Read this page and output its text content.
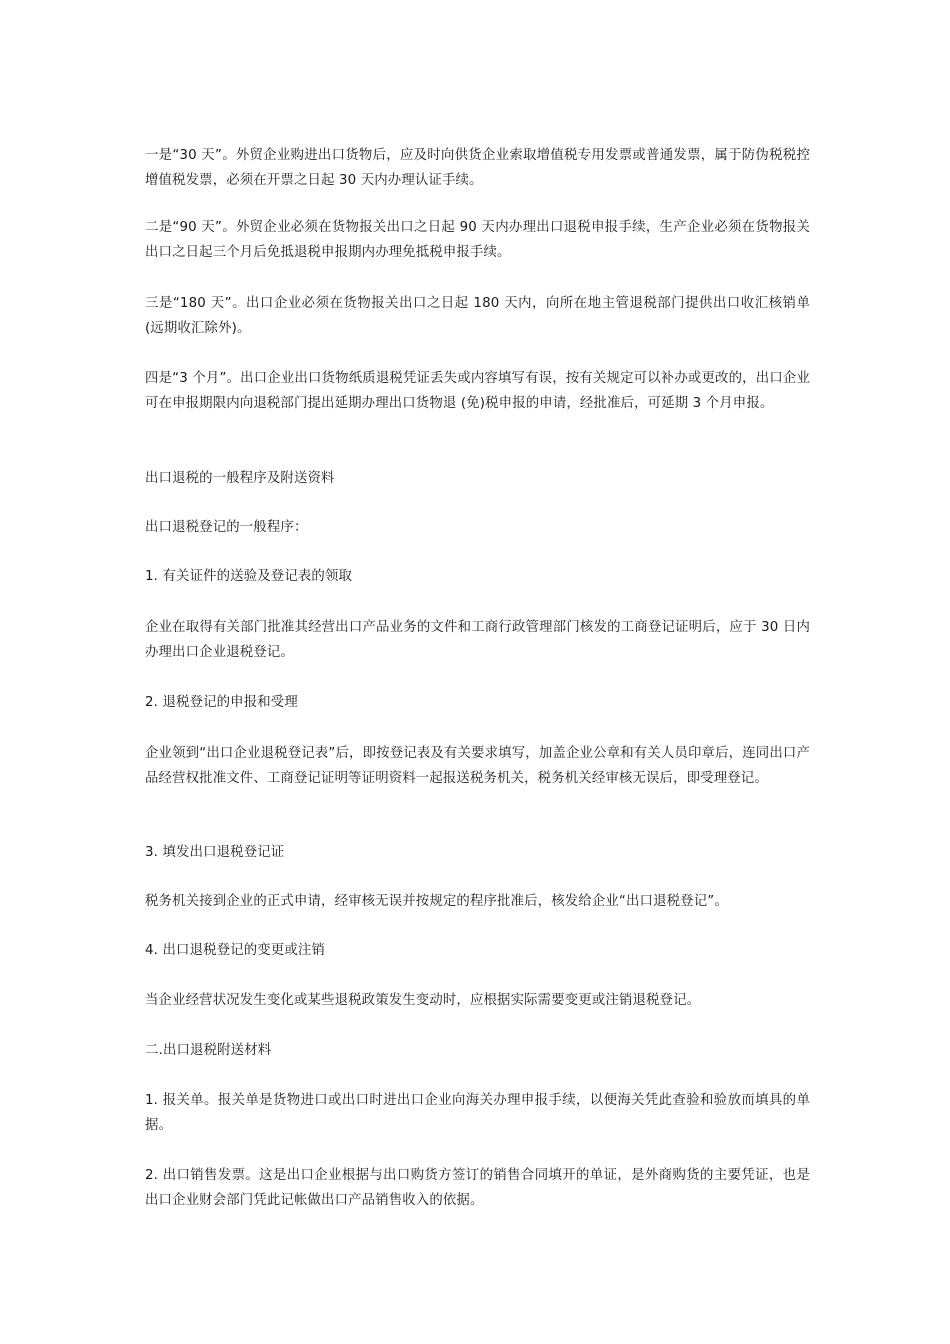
一是“30 天”。外贸企业购进出口货物后，应及时向供货企业索取增值税专用发票或普通发票，属于防伪税税控增值税发票，必须在开票之日起 30 天内办理认证手续。

二是“90 天”。外贸企业必须在货物报关出口之日起 90 天内办理出口退税申报手续，生产企业必须在货物报关出口之日起三个月后免抵退税申报期内办理免抵税申报手续。

三是“180 天”。出口企业必须在货物报关出口之日起 180 天内，向所在地主管退税部门提供出口收汇核销单(远期收汇除外)。

四是“3 个月”。出口企业出口货物纸质退税凭证丢失或内容填写有误，按有关规定可以补办或更改的，出口企业可在申报期限内向退税部门提出延期办理出口货物退 (免)税申报的申请，经批准后，可延期 3 个月申报。

出口退税的一般程序及附送资料

出口退税登记的一般程序：

1. 有关证件的送验及登记表的领取

企业在取得有关部门批准其经营出口产品业务的文件和工商行政管理部门核发的工商登记证明后，应于 30 日内办理出口企业退税登记。

2. 退税登记的申报和受理

企业领到“出口企业退税登记表”后，即按登记表及有关要求填写，加盖企业公章和有关人员印章后，连同出口产品经营权批准文件、工商登记证明等证明资料一起报送税务机关，税务机关经审核无误后，即受理登记。

3. 填发出口退税登记证

税务机关接到企业的正式申请，经审核无误并按规定的程序批准后，核发给企业“出口退税登记”。

4. 出口退税登记的变更或注销

当企业经营状况发生变化或某些退税政策发生变动时，应根据实际需要变更或注销退税登记。

二.出口退税附送材料

1. 报关单。报关单是货物进口或出口时进出口企业向海关办理申报手续，以便海关凭此查验和验放而填具的单据。

2. 出口销售发票。这是出口企业根据与出口购货方签订的销售合同填开的单证，是外商购货的主要凭证，也是出口企业财会部门凭此记帐做出口产品销售收入的依据。
